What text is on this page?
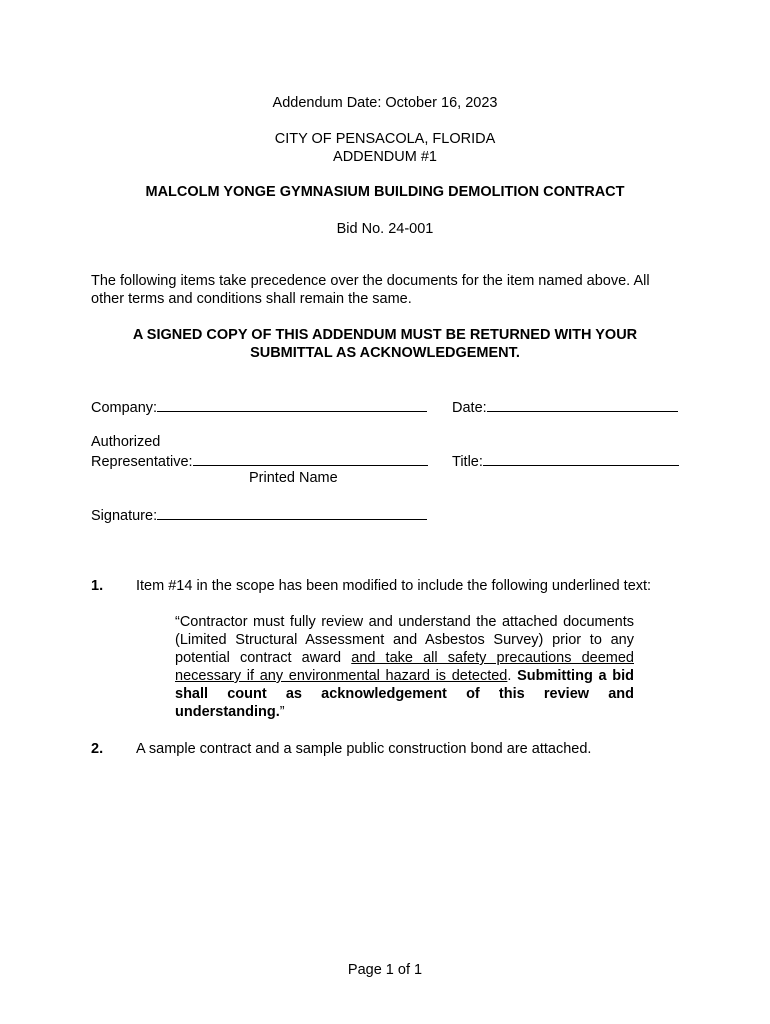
Addendum Date: October 16, 2023
CITY OF PENSACOLA, FLORIDA
ADDENDUM #1
MALCOLM YONGE GYMNASIUM BUILDING DEMOLITION CONTRACT
Bid No. 24-001
The following items take precedence over the documents for the item named above. All other terms and conditions shall remain the same.
A SIGNED COPY OF THIS ADDENDUM MUST BE RETURNED WITH YOUR
SUBMITTAL AS ACKNOWLEDGEMENT.
Company:	Date:
Authorized
Representative:	Title:
Printed Name
Signature:
1. Item #14 in the scope has been modified to include the following underlined text:
“Contractor must fully review and understand the attached documents (Limited Structural Assessment and Asbestos Survey) prior to any potential contract award and take all safety precautions deemed necessary if any environmental hazard is detected. Submitting a bid shall count as acknowledgement of this review and understanding.”
2. A sample contract and a sample public construction bond are attached.
Page 1 of 1
